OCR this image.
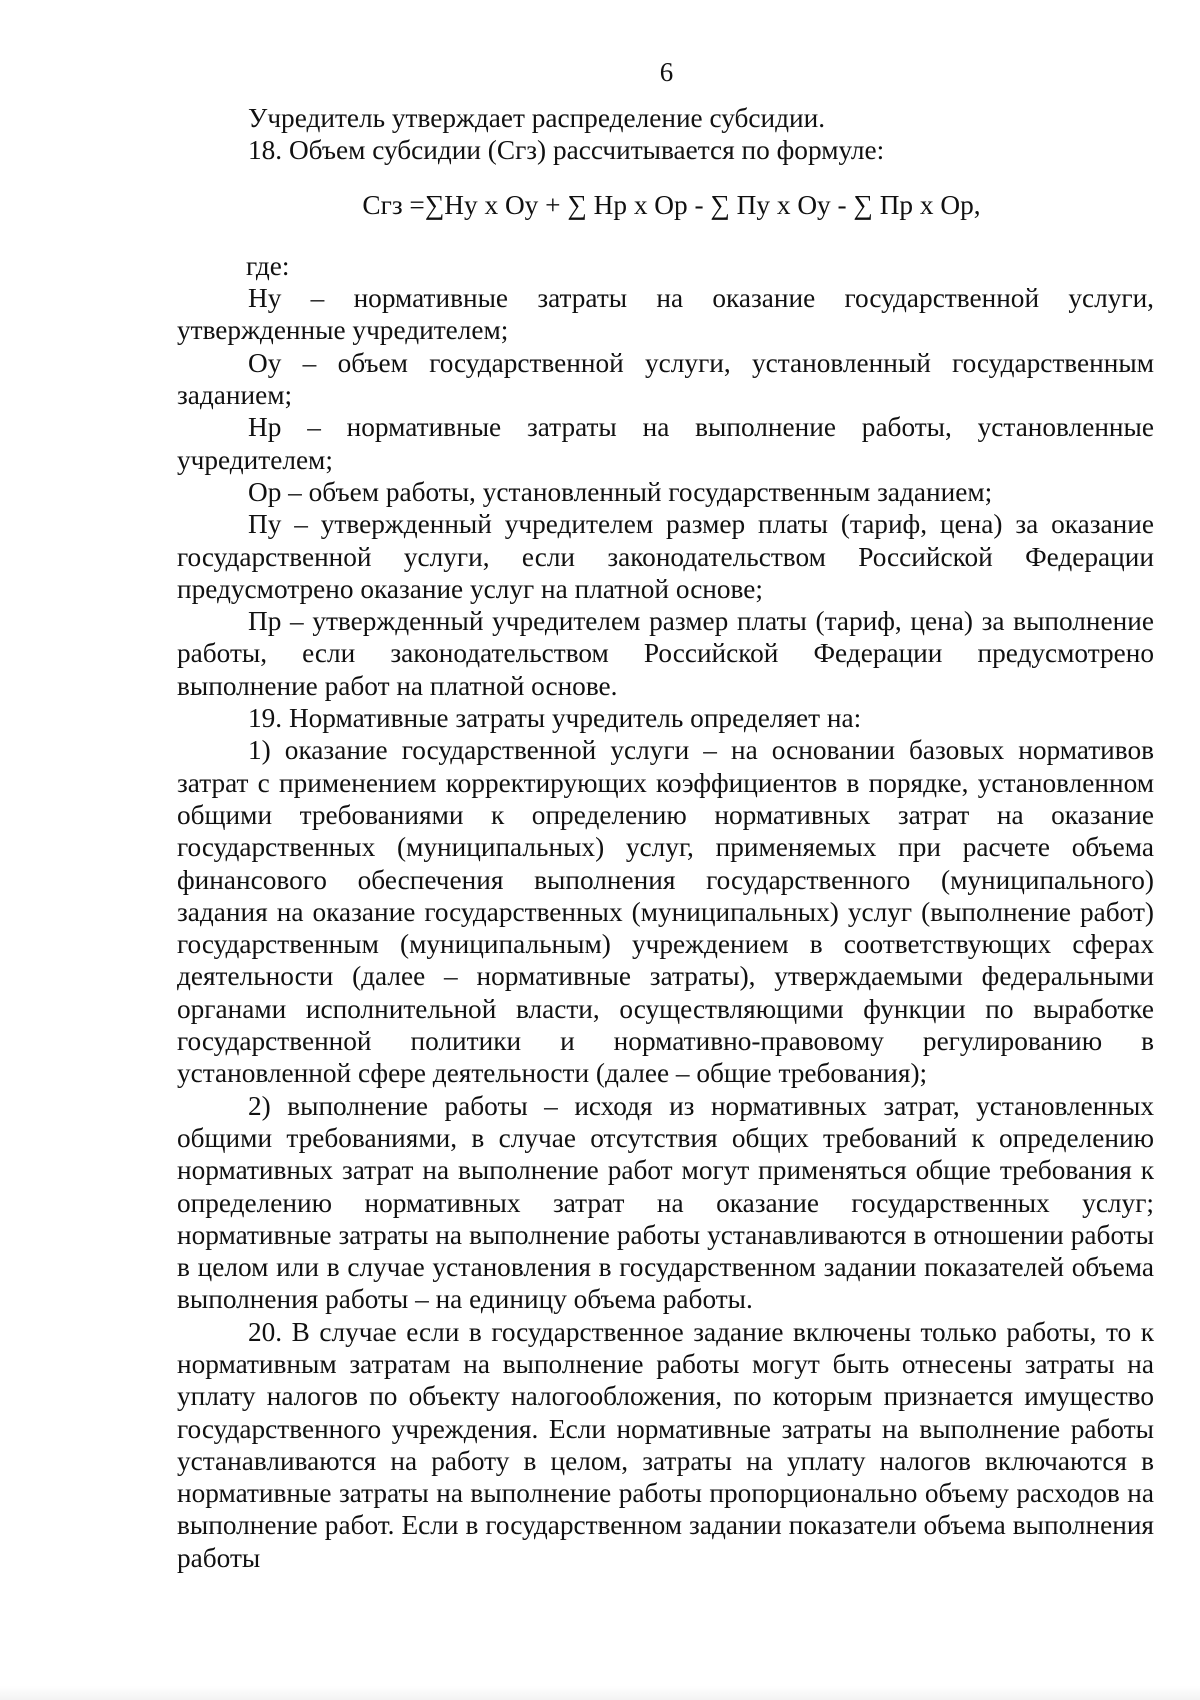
6

Учредитель утверждает распределение субсидии.

18. Объем субсидии (Сгз) рассчитывается по формуле:

Сгз =∑Ну х Оу + ∑ Нр х Ор - ∑ Пу х Оу - ∑ Пр х Ор,

где:

Ну – нормативные затраты на оказание государственной услуги, утвержденные учредителем;

Оу – объем государственной услуги, установленный государственным заданием;

Нр – нормативные затраты на выполнение работы, установленные учредителем;

Ор – объем работы, установленный государственным заданием;

Пу – утвержденный учредителем размер платы (тариф, цена) за оказание государственной услуги, если законодательством Российской Федерации предусмотрено оказание услуг на платной основе;

Пр – утвержденный учредителем размер платы (тариф, цена) за выполнение работы, если законодательством Российской Федерации предусмотрено выполнение работ на платной основе.

19. Нормативные затраты учредитель определяет на:

1) оказание государственной услуги – на основании базовых нормативов затрат с применением корректирующих коэффициентов в порядке, установленном общими требованиями к определению нормативных затрат на оказание государственных (муниципальных) услуг, применяемых при расчете объема финансового обеспечения выполнения государственного (муниципального) задания на оказание государственных (муниципальных) услуг (выполнение работ) государственным (муниципальным) учреждением в соответствующих сферах деятельности (далее – нормативные затраты), утверждаемыми федеральными органами исполнительной власти, осуществляющими функции по выработке государственной политики и нормативно-правовому регулированию в установленной сфере деятельности (далее – общие требования);

2) выполнение работы – исходя из нормативных затрат, установленных общими требованиями, в случае отсутствия общих требований к определению нормативных затрат на выполнение работ могут применяться общие требования к определению нормативных затрат на оказание государственных услуг; нормативные затраты на выполнение работы устанавливаются в отношении работы в целом или в случае установления в государственном задании показателей объема выполнения работы – на единицу объема работы.

20. В случае если в государственное задание включены только работы, то к нормативным затратам на выполнение работы могут быть отнесены затраты на уплату налогов по объекту налогообложения, по которым признается имущество государственного учреждения. Если нормативные затраты на выполнение работы устанавливаются на работу в целом, затраты на уплату налогов включаются в нормативные затраты на выполнение работы пропорционально объему расходов на выполнение работ. Если в государственном задании показатели объема выполнения работы
